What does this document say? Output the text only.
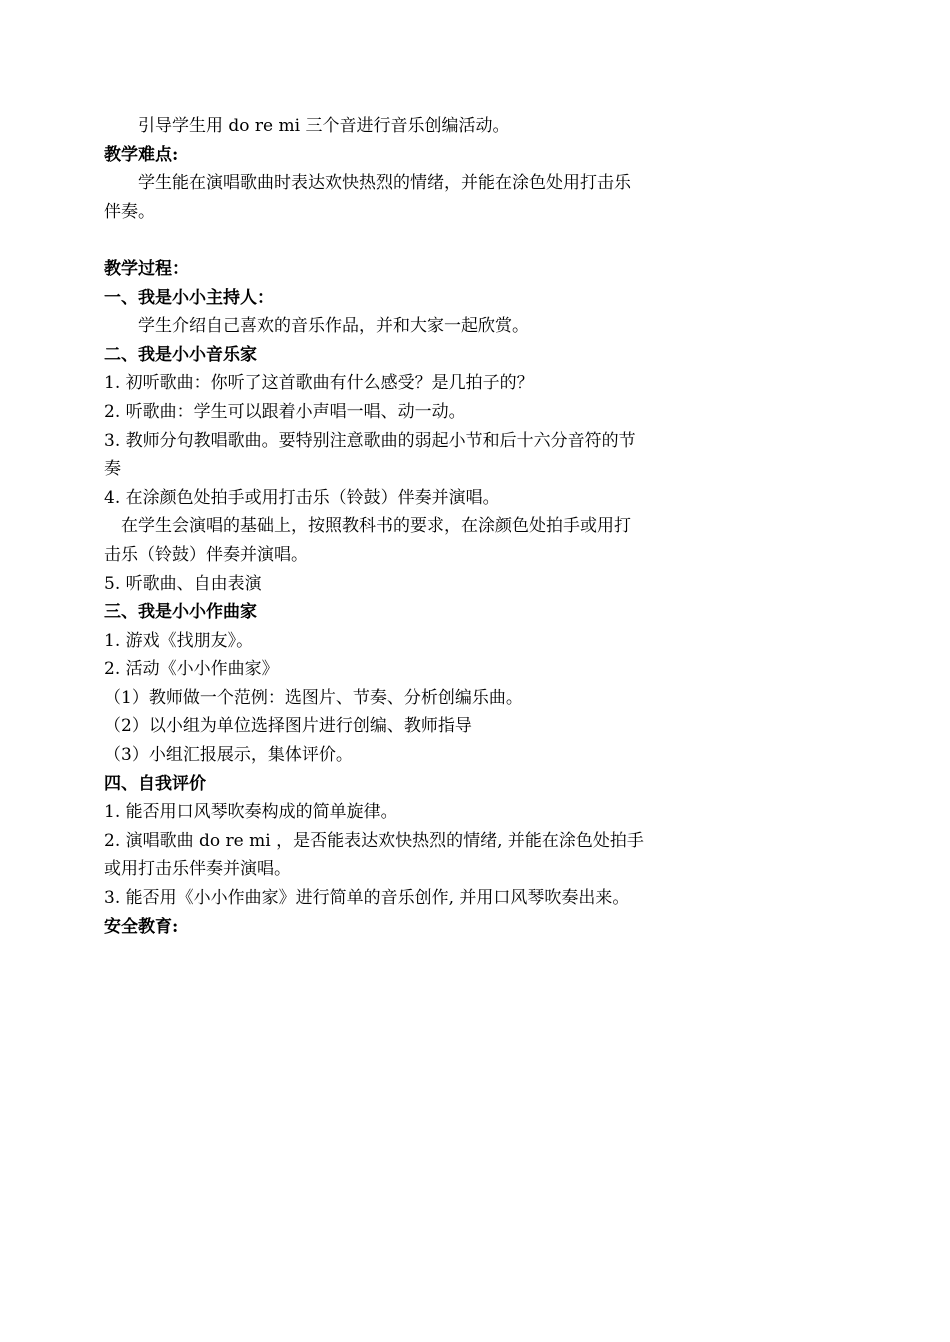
引导学生用 do re mi 三个音进行音乐创编活动。
教学难点:
学生能在演唱歌曲时表达欢快热烈的情绪，并能在涂色处用打击乐
伴奏。
教学过程：
一、我是小小主持人：
学生介绍自己喜欢的音乐作品，并和大家一起欣赏。
二、我是小小音乐家
1. 初听歌曲：你听了这首歌曲有什么感受？是几拍子的？
2. 听歌曲：学生可以跟着小声唱一唱、动一动。
3. 教师分句教唱歌曲。要特别注意歌曲的弱起小节和后十六分音符的节
奏
4. 在涂颜色处拍手或用打击乐（铃鼓）伴奏并演唱。
在学生会演唱的基础上，按照教科书的要求，在涂颜色处拍手或用打
击乐（铃鼓）伴奏并演唱。
5. 听歌曲、自由表演
三、我是小小作曲家
1. 游戏《找朋友》。
2. 活动《小小作曲家》
（1）教师做一个范例：选图片、节奏、分析创编乐曲。
（2）以小组为单位选择图片进行创编、教师指导
（3）小组汇报展示，集体评价。
四、自我评价
1. 能否用口风琴吹奏构成的简单旋律。
2. 演唱歌曲 do re mi ，是否能表达欢快热烈的情绪, 并能在涂色处拍手
或用打击乐伴奏并演唱。
3. 能否用《小小作曲家》进行简单的音乐创作, 并用口风琴吹奏出来。
安全教育:
